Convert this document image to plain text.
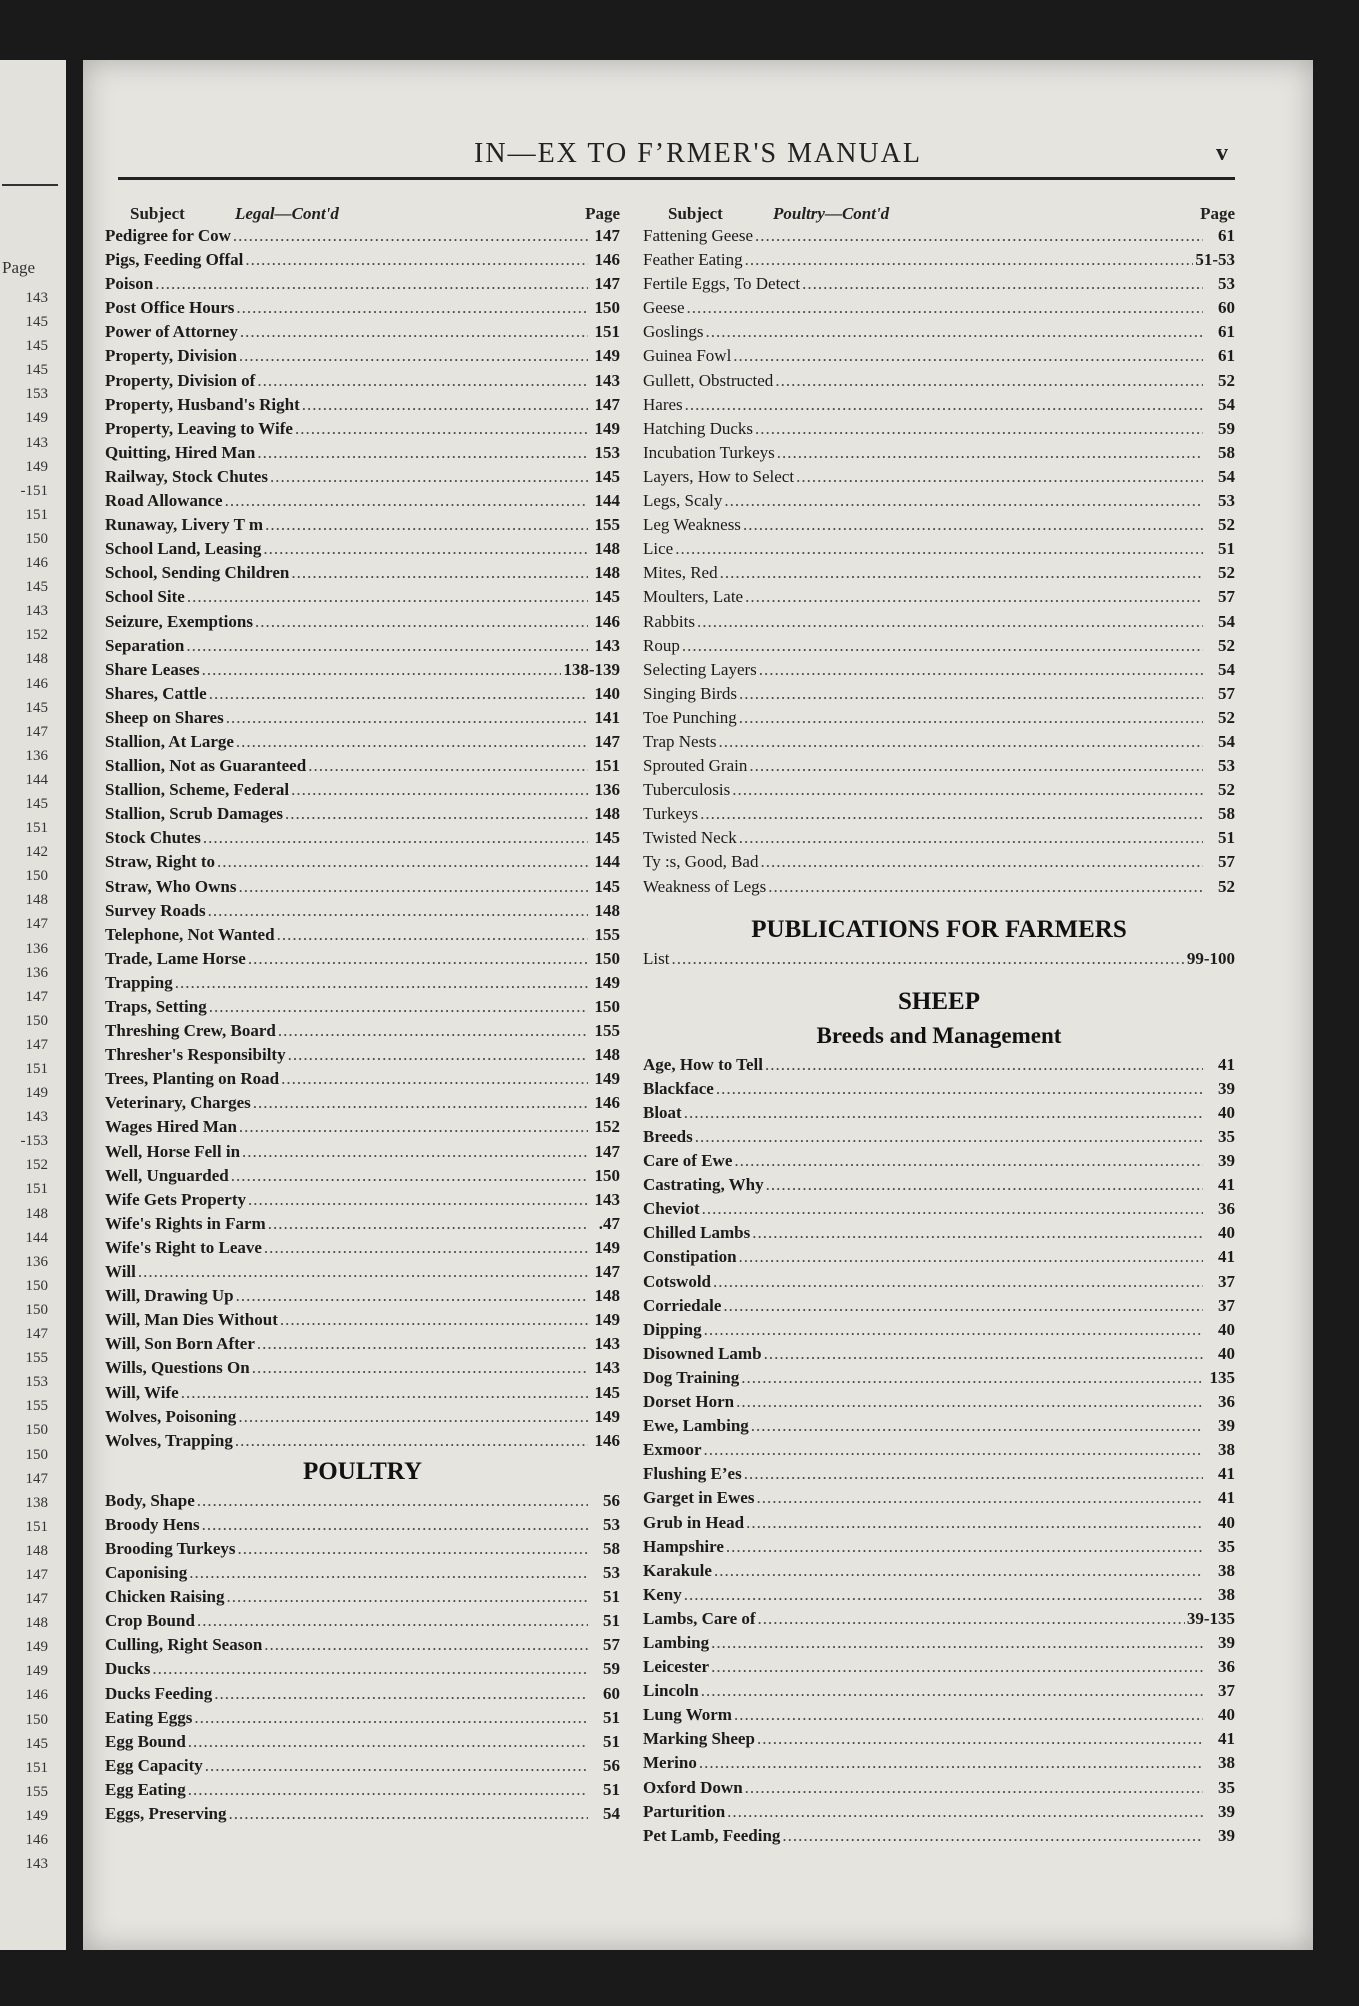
Page
143
145
145
145
153
149
143
149
-151
151
150
146
145
143
152
148
146
145
147
136
144
145
151
142
150
148
147
136
136
147
150
147
151
149
143
-153
152
151
148
144
136
150
150
147
155
153
155
150
150
147
138
151
148
147
147
148
149
149
146
150
145
151
155
149
146
143
IN—EX TO F’RMER'S MANUAL	v
Subject	Legal—Cont'd	Page
Pedigree for Cow .....	147
Pigs, Feeding Offal .....	146
Poison .....	147
Post Office Hours .....	150
Power of Attorney .....	151
Property, Division .....	149
Property, Division of .....	143
Property, Husband's Right .....	147
Property, Leaving to Wife .....	149
Quitting, Hired Man .....	153
Railway, Stock Chutes .....	145
Road Allowance .....	144
Runaway, Livery T m .....	155
School Land, Leasing .....	148
School, Sending Children .....	148
School Site .....	145
Seizure, Exemptions .....	146
Separation .....	143
Share Leases .....	138-139
Shares, Cattle .....	140
Sheep on Shares .....	141
Stallion, At Large .....	147
Stallion, Not as Guaranteed .....	151
Stallion, Scheme, Federal .....	136
Stallion, Scrub Damages .....	148
Stock Chutes .....	145
Straw, Right to .....	144
Straw, Who Owns .....	145
Survey Roads .....	148
Telephone, Not Wanted .....	155
Trade, Lame Horse .....	150
Trapping .....	149
Traps, Setting .....	150
Threshing Crew, Board .....	155
Thresher's Responsibilty .....	148
Trees, Planting on Road .....	149
Veterinary, Charges .....	146
Wages Hired Man .....	152
Well, Horse Fell in .....	147
Well, Unguarded .....	150
Wife Gets Property .....	143
Wife's Rights in Farm .....	.47
Wife's Right to Leave .....	149
Will .....	147
Will, Drawing Up .....	148
Will, Man Dies Without .....	149
Will, Son Born After .....	143
Wills, Questions On .....	143
Will, Wife .....	145
Wolves, Poisoning .....	149
Wolves, Trapping .....	146
POULTRY
Body, Shape .....	56
Broody Hens .....	53
Brooding Turkeys .....	58
Caponising .....	53
Chicken Raising .....	51
Crop Bound .....	51
Culling, Right Season .....	57
Ducks .....	59
Ducks Feeding .....	60
Eating Eggs .....	51
Egg Bound .....	51
Egg Capacity .....	56
Egg Eating .....	51
Eggs, Preserving .....	54
Subject	Poultry—Cont'd	Page
Fattening Geese .....	61
Feather Eating .....	51-53
Fertile Eggs, To Detect .....	53
Geese .....	60
Goslings .....	61
Guinea Fowl .....	61
Gullett, Obstructed .....	52
Hares .....	54
Hatching Ducks .....	59
Incubation Turkeys .....	58
Layers, How to Select .....	54
Legs, Scaly .....	53
Leg Weakness .....	52
Lice .....	51
Mites, Red .....	52
Moulters, Late .....	57
Rabbits .....	54
Roup .....	52
Selecting Layers .....	54
Singing Birds .....	57
Toe Punching .....	52
Trap Nests .....	54
Sprouted Grain .....	53
Tuberculosis .....	52
Turkeys .....	58
Twisted Neck .....	51
Ty :s, Good, Bad .....	57
Weakness of Legs .....	52
PUBLICATIONS FOR FARMERS
List .....	99-100
SHEEP
Breeds and Management
Age, How to Tell .....	41
Blackface .....	39
Bloat .....	40
Breeds .....	35
Care of Ewe .....	39
Castrating, Why .....	41
Cheviot .....	36
Chilled Lambs .....	40
Constipation .....	41
Cotswold .....	37
Corriedale .....	37
Dipping .....	40
Disowned Lamb .....	40
Dog Training .....	135
Dorset Horn .....	36
Ewe, Lambing .....	39
Exmoor .....	38
Flushing E’es .....	41
Garget in Ewes .....	41
Grub in Head .....	40
Hampshire .....	35
Karakule .....	38
Keny .....	38
Lambs, Care of .....	39-135
Lambing .....	39
Leicester .....	36
Lincoln .....	37
Lung Worm .....	40
Marking Sheep .....	41
Merino .....	38
Oxford Down .....	35
Parturition .....	39
Pet Lamb, Feeding .....	39
